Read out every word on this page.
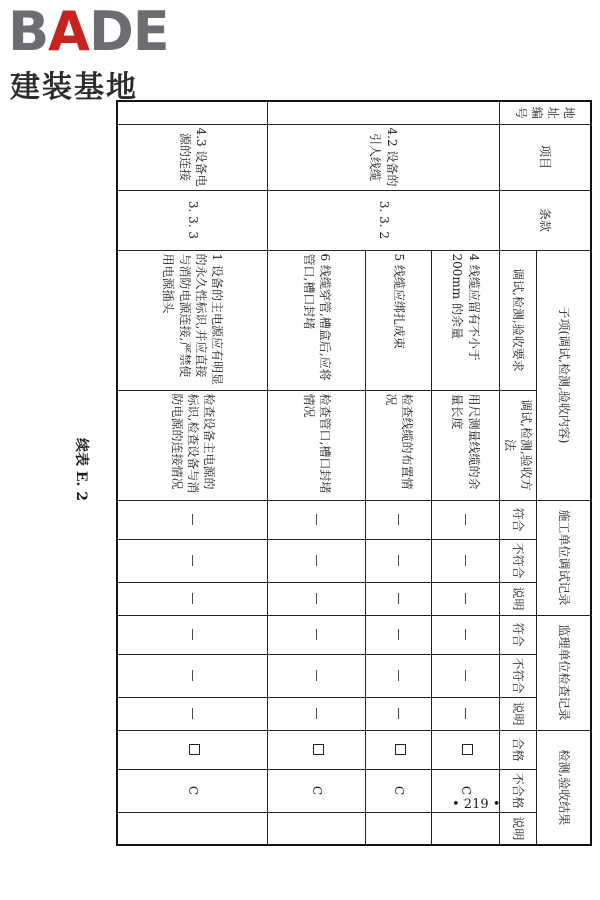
BADE
建装基地
续表 E. 2
地址编号	项目	条款	子项(调试,检测,验收内容)		施工单位调试记录			监理单位检查记录			检测,验收结果		
			调试,检测,验收要求	调试,检测,验收方法	符合	不符合	说明	符合	不符合	说明	合格	不合格	说明
	4.2 设备的引人线缆	3. 3. 2	4 线缆应留有不小于 200mm 的余量	用尺测量线缆的余量长度	—	—	—	—	—	—		C	
			5 线缆应绑扎成束	检查线缆的布置情况	—	—	—	—	—	—		C	
			6 线缆穿管,槽盒后,应将管口,槽口封堵	检查管口,槽口封堵情况	—	—	—	—	—	—		C	
	4.3 设备电源的连接	3. 3. 3	1 设备的主电源应有明显的永久性标识,并应直接与消防电源连接,严禁使用电源插头	检查设备主电源的标识,检查设备与消防电源的连接情况	—	—	—	—	—	—		C	
• 219 •
